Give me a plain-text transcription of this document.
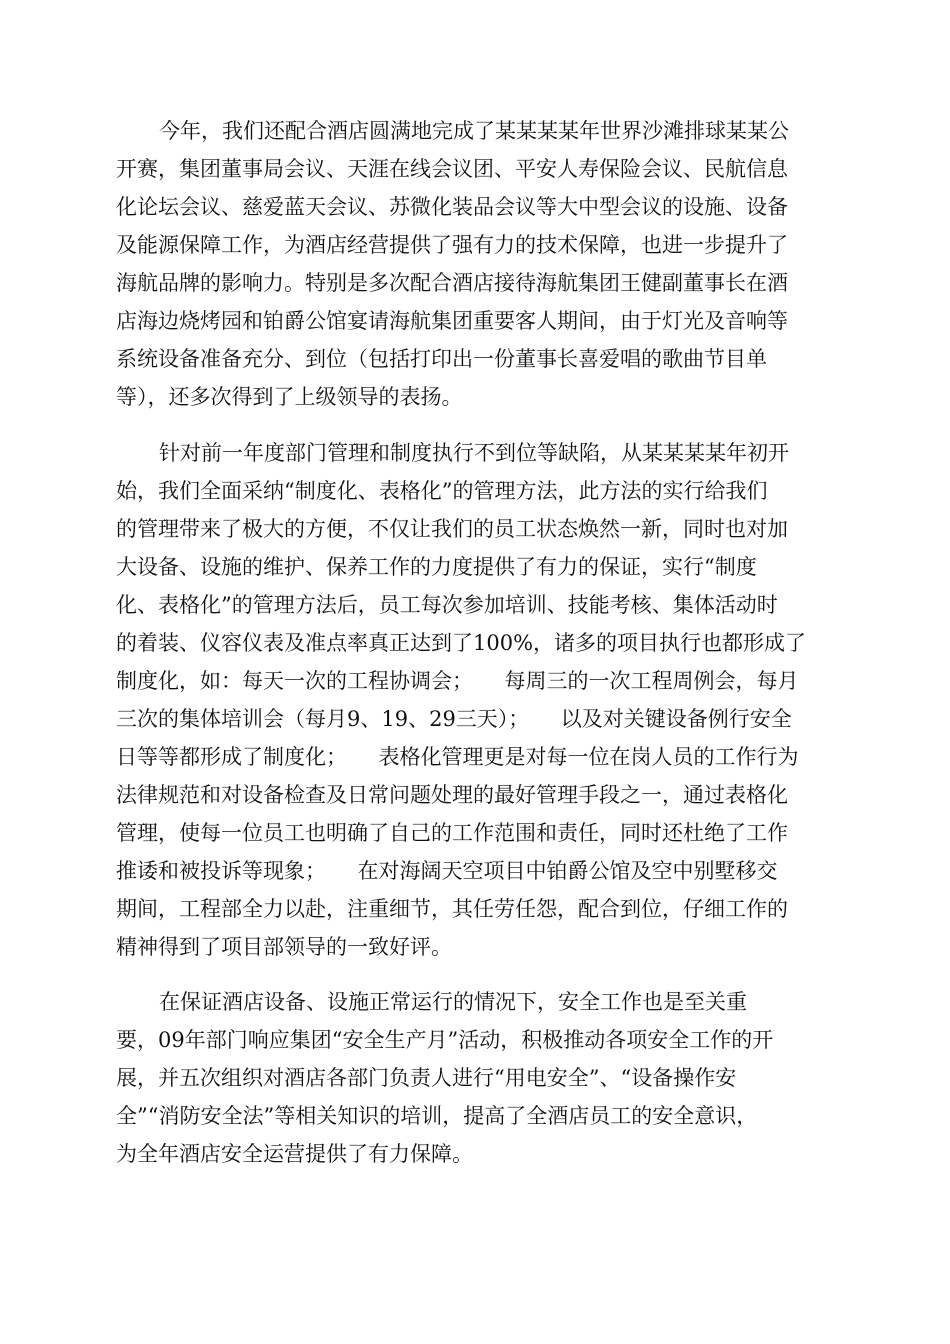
今年，我们还配合酒店圆满地完成了某某某某年世界沙滩排球某某公
开赛，集团董事局会议、天涯在线会议团、平安人寿保险会议、民航信息
化论坛会议、慈爱蓝天会议、苏微化装品会议等大中型会议的设施、设备
及能源保障工作，为酒店经营提供了强有力的技术保障，也进一步提升了
海航品牌的影响力。特别是多次配合酒店接待海航集团王健副董事长在酒
店海边烧烤园和铂爵公馆宴请海航集团重要客人期间，由于灯光及音响等
系统设备准备充分、到位（包括打印出一份董事长喜爱唱的歌曲节目单
等），还多次得到了上级领导的表扬。
针对前一年度部门管理和制度执行不到位等缺陷，从某某某某年初开
始，我们全面采纳“制度化、表格化”的管理方法，此方法的实行给我们
的管理带来了极大的方便，不仅让我们的员工状态焕然一新，同时也对加
大设备、设施的维护、保养工作的力度提供了有力的保证，实行“制度
化、表格化”的管理方法后，员工每次参加培训、技能考核、集体活动时
的着装、仪容仪表及准点率真正达到了100%，诸多的项目执行也都形成了
制度化，如：每天一次的工程协调会；　　每周三的一次工程周例会，每月
三次的集体培训会（每月9、19、29三天）；　　以及对关键设备例行安全
日等等都形成了制度化；　　表格化管理更是对每一位在岗人员的工作行为
法律规范和对设备检查及日常问题处理的最好管理手段之一，通过表格化
管理，使每一位员工也明确了自己的工作范围和责任，同时还杜绝了工作
推诿和被投诉等现象；　　在对海阔天空项目中铂爵公馆及空中别墅移交
期间，工程部全力以赴，注重细节，其任劳任怨，配合到位，仔细工作的
精神得到了项目部领导的一致好评。
在保证酒店设备、设施正常运行的情况下，安全工作也是至关重
要，09年部门响应集团“安全生产月”活动，积极推动各项安全工作的开
展，并五次组织对酒店各部门负责人进行“用电安全”、“设备操作安
全”“消防安全法”等相关知识的培训，提高了全酒店员工的安全意识，
为全年酒店安全运营提供了有力保障。
